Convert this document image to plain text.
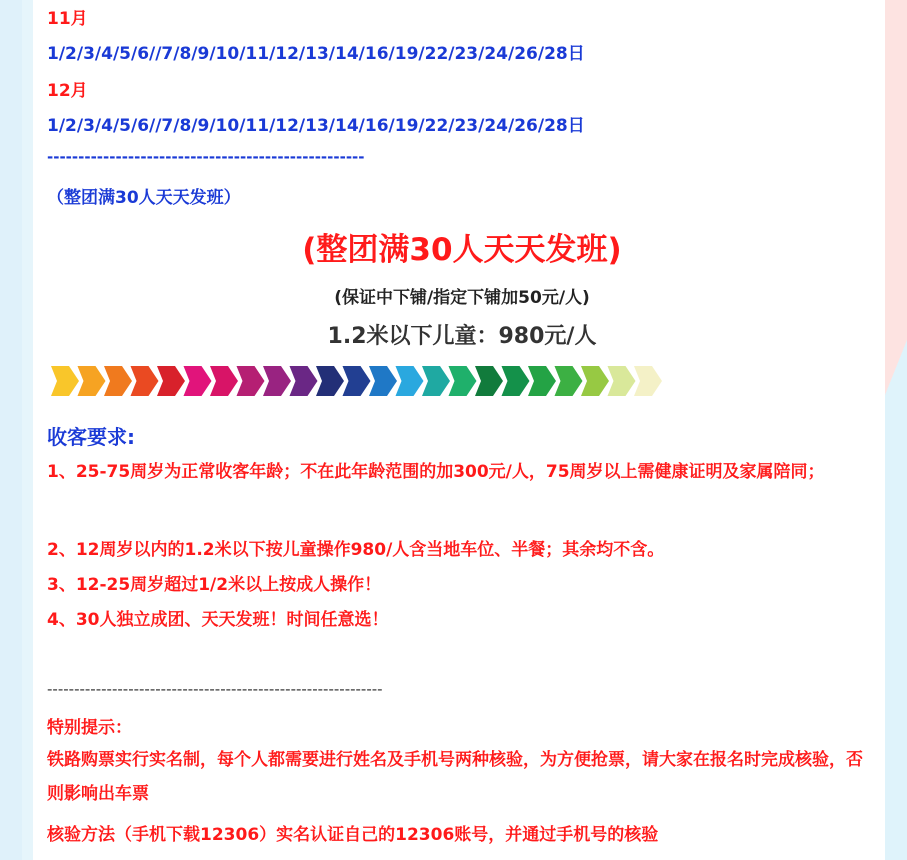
11月
1/2/3/4/5/6//7/8/9/10/11/12/13/14/16/19/22/23/24/26/28日
12月
1/2/3/4/5/6//7/8/9/10/11/12/13/14/16/19/22/23/24/26/28日
---------------------------------------------------
（整团满30人天天发班）
(整团满30人天天发班)
(保证中下铺/指定下铺加50元/人)
1.2米以下儿童：980元/人
收客要求:
1、25-75周岁为正常收客年龄；不在此年龄范围的加300元/人，75周岁以上需健康证明及家属陪同；
2、12周岁以内的1.2米以下按儿童操作980/人含当地车位、半餐；其余均不含。
3、12-25周岁超过1/2米以上按成人操作！
4、30人独立成团、天天发班！时间任意选！
--------------------------------------------------------------
特别提示：
铁路购票实行实名制，每个人都需要进行姓名及手机号两种核验，为方便抢票，请大家在报名时完成核验，否则影响出车票
核验方法（手机下载12306）实名认证自己的12306账号，并通过手机号的核验
